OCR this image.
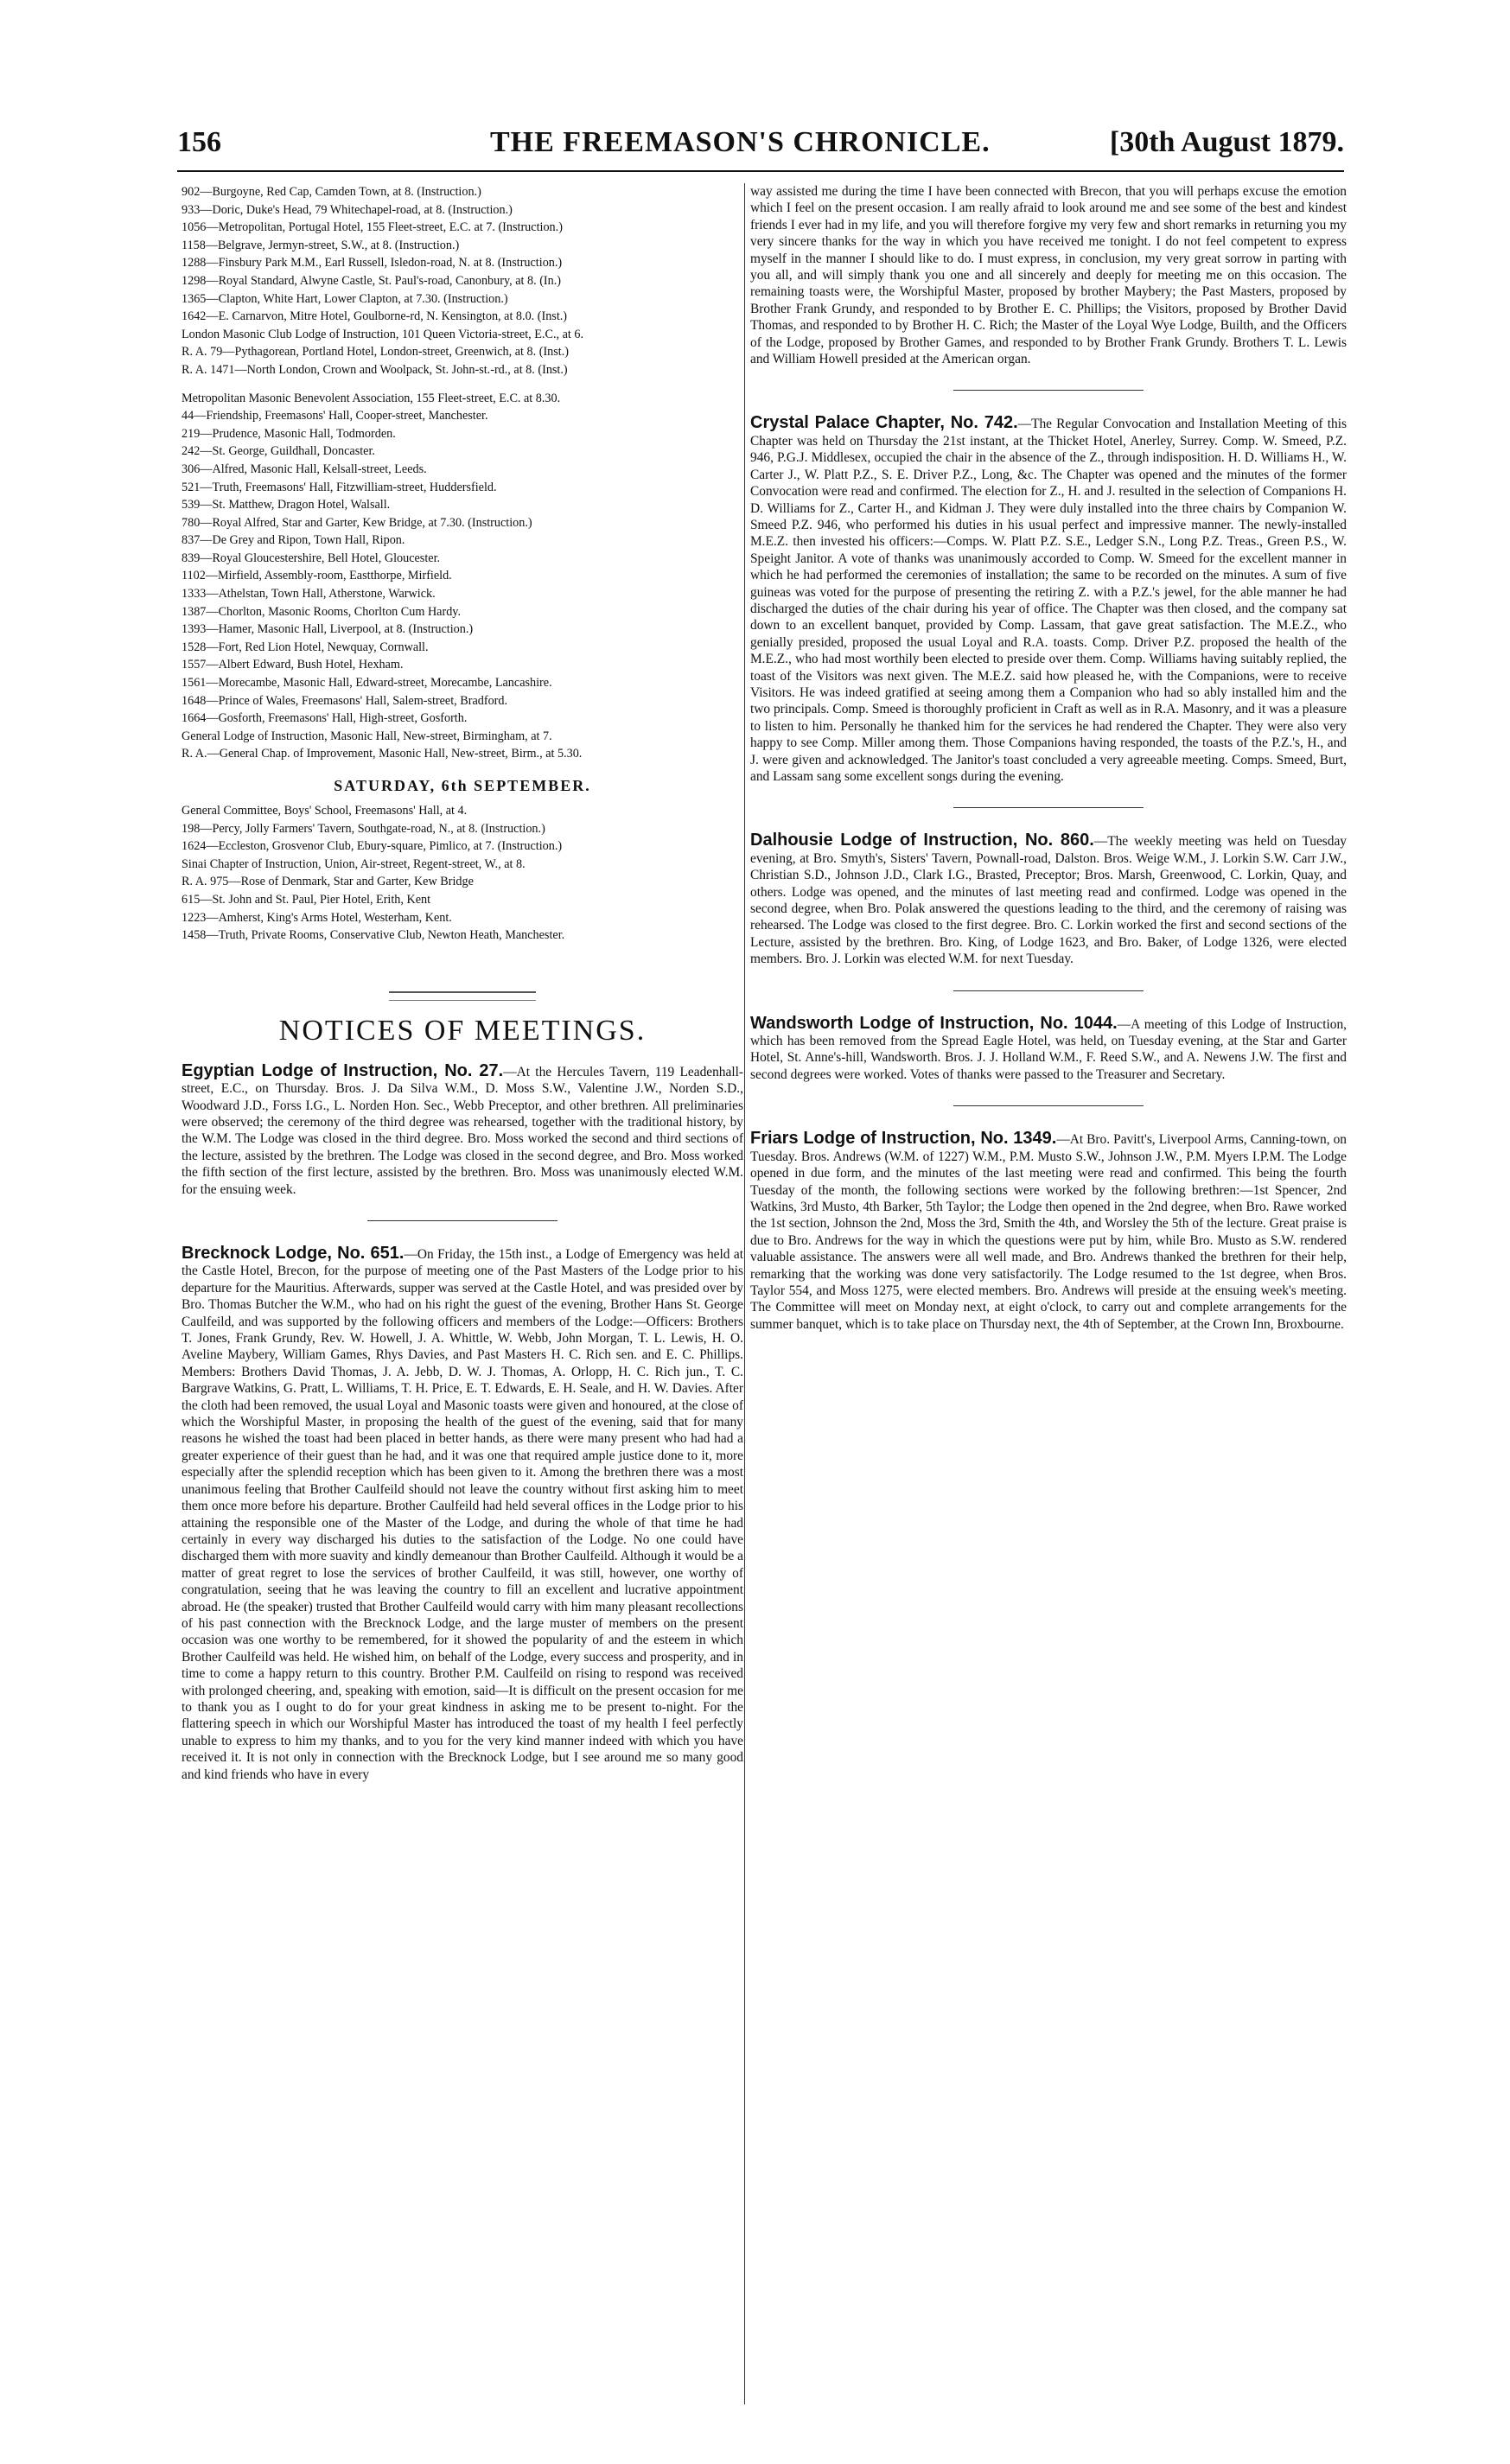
156	THE FREEMASON'S CHRONICLE.	[30th August 1879.
902—Burgoyne, Red Cap, Camden Town, at 8. (Instruction.)
933—Doric, Duke's Head, 79 Whitechapel-road, at 8. (Instruction.)
1056—Metropolitan, Portugal Hotel, 155 Fleet-street, E.C. at 7. (Instruction.)
1158—Belgrave, Jermyn-street, S.W., at 8. (Instruction.)
1288—Finsbury Park M.M., Earl Russell, Isledon-road, N. at 8. (Instruction.)
1298—Royal Standard, Alwyne Castle, St. Paul's-road, Canonbury, at 8. (In.)
1365—Clapton, White Hart, Lower Clapton, at 7.30. (Instruction.)
1642—E. Carnarvon, Mitre Hotel, Goulborne-rd, N. Kensington, at 8.0. (Inst.)
London Masonic Club Lodge of Instruction, 101 Queen Victoria-street, E.C., at 6.
R. A. 79—Pythagorean, Portland Hotel, London-street, Greenwich, at 8. (Inst.)
R. A. 1471—North London, Crown and Woolpack, St. John-st.-rd., at 8. (Inst.)
Metropolitan Masonic Benevolent Association, 155 Fleet-street, E.C. at 8.30.
44—Friendship, Freemasons' Hall, Cooper-street, Manchester.
219—Prudence, Masonic Hall, Todmorden.
242—St. George, Guildhall, Doncaster.
306—Alfred, Masonic Hall, Kelsall-street, Leeds.
521—Truth, Freemasons' Hall, Fitzwilliam-street, Huddersfield.
539—St. Matthew, Dragon Hotel, Walsall.
780—Royal Alfred, Star and Garter, Kew Bridge, at 7.30. (Instruction.)
837—De Grey and Ripon, Town Hall, Ripon.
839—Royal Gloucestershire, Bell Hotel, Gloucester.
1102—Mirfield, Assembly-room, Eastthorpe, Mirfield.
1333—Athelstan, Town Hall, Atherstone, Warwick.
1387—Chorlton, Masonic Rooms, Chorlton Cum Hardy.
1393—Hamer, Masonic Hall, Liverpool, at 8. (Instruction.)
1528—Fort, Red Lion Hotel, Newquay, Cornwall.
1557—Albert Edward, Bush Hotel, Hexham.
1561—Morecambe, Masonic Hall, Edward-street, Morecambe, Lancashire.
1648—Prince of Wales, Freemasons' Hall, Salem-street, Bradford.
1664—Gosforth, Freemasons' Hall, High-street, Gosforth.
General Lodge of Instruction, Masonic Hall, New-street, Birmingham, at 7.
R. A.—General Chap. of Improvement, Masonic Hall, New-street, Birm., at 5.30.
SATURDAY, 6th SEPTEMBER.
General Committee, Boys' School, Freemasons' Hall, at 4.
198—Percy, Jolly Farmers' Tavern, Southgate-road, N., at 8. (Instruction.)
1624—Eccleston, Grosvenor Club, Ebury-square, Pimlico, at 7. (Instruction.)
Sinai Chapter of Instruction, Union, Air-street, Regent-street, W., at 8.
R. A. 975—Rose of Denmark, Star and Garter, Kew Bridge
615—St. John and St. Paul, Pier Hotel, Erith, Kent
1223—Amherst, King's Arms Hotel, Westerham, Kent.
1458—Truth, Private Rooms, Conservative Club, Newton Heath, Manchester.
NOTICES OF MEETINGS.

Egyptian Lodge of Instruction, No. 27.—At the Hercules Tavern, 119 Leadenhall-street, E.C., on Thursday. Bros. J. Da Silva W.M., D. Moss S.W., Valentine J.W., Norden S.D., Woodward J.D., Forss I.G., L. Norden Hon. Sec., Webb Preceptor, and other brethren. All preliminaries were observed; the ceremony of the third degree was rehearsed, together with the traditional history, by the W.M. The Lodge was closed in the third degree. Bro. Moss worked the second and third sections of the lecture, assisted by the brethren. The Lodge was closed in the second degree, and Bro. Moss worked the fifth section of the first lecture, assisted by the brethren. Bro. Moss was unanimously elected W.M. for the ensuing week.

Brecknock Lodge, No. 651.—On Friday, the 15th inst., a Lodge of Emergency was held at the Castle Hotel, Brecon, for the purpose of meeting one of the Past Masters of the Lodge prior to his departure for the Mauritius. Afterwards, supper was served at the Castle Hotel, and was presided over by Bro. Thomas Butcher the W.M., who had on his right the guest of the evening, Brother Hans St. George Caulfeild, and was supported by the following officers and members of the Lodge:—Officers: Brothers T. Jones, Frank Grundy, Rev. W. Howell, J. A. Whittle, W. Webb, John Morgan, T. L. Lewis, H. O. Aveline Maybery, William Games, Rhys Davies, and Past Masters H. C. Rich sen. and E. C. Phillips. Members: Brothers David Thomas, J. A. Jebb, D. W. J. Thomas, A. Orlopp, H. C. Rich jun., T. C. Bargrave Watkins, G. Pratt, L. Williams, T. H. Price, E. T. Edwards, E. H. Seale, and H. W. Davies. After the cloth had been removed, the usual Loyal and Masonic toasts were given and honoured, at the close of which the Worshipful Master, in proposing the health of the guest of the evening, said that for many reasons he wished the toast had been placed in better hands, as there were many present who had had a greater experience of their guest than he had, and it was one that required ample justice done to it, more especially after the splendid reception which has been given to it. Among the brethren there was a most unanimous feeling that Brother Caulfeild should not leave the country without first asking him to meet them once more before his departure. Brother Caulfeild had held several offices in the Lodge prior to his attaining the responsible one of the Master of the Lodge, and during the whole of that time he had certainly in every way discharged his duties to the satisfaction of the Lodge. No one could have discharged them with more suavity and kindly demeanour than Brother Caulfeild. Although it would be a matter of great regret to lose the services of brother Caulfeild, it was still, however, one worthy of congratulation, seeing that he was leaving the country to fill an excellent and lucrative appointment abroad. He (the speaker) trusted that Brother Caulfeild would carry with him many pleasant recollections of his past connection with the Brecknock Lodge, and the large muster of members on the present occasion was one worthy to be remembered, for it showed the popularity of and the esteem in which Brother Caulfeild was held. He wished him, on behalf of the Lodge, every success and prosperity, and in time to come a happy return to this country. Brother P.M. Caulfeild on rising to respond was received with prolonged cheering, and, speaking with emotion, said—It is difficult on the present occasion for me to thank you as I ought to do for your great kindness in asking me to be present to-night. For the flattering speech in which our Worshipful Master has introduced the toast of my health I feel perfectly unable to express to him my thanks, and to you for the very kind manner indeed with which you have received it. It is not only in connection with the Brecknock Lodge, but I see around me so many good and kind friends who have in every

way assisted me during the time I have been connected with Brecon, that you will perhaps excuse the emotion which I feel on the present occasion. I am really afraid to look around me and see some of the best and kindest friends I ever had in my life, and you will therefore forgive my very few and short remarks in returning you my very sincere thanks for the way in which you have received me tonight. I do not feel competent to express myself in the manner I should like to do. I must express, in conclusion, my very great sorrow in parting with you all, and will simply thank you one and all sincerely and deeply for meeting me on this occasion. The remaining toasts were, the Worshipful Master, proposed by brother Maybery; the Past Masters, proposed by Brother Frank Grundy, and responded to by Brother E. C. Phillips; the Visitors, proposed by Brother David Thomas, and responded to by Brother H. C. Rich; the Master of the Loyal Wye Lodge, Builth, and the Officers of the Lodge, proposed by Brother Games, and responded to by Brother Frank Grundy. Brothers T. L. Lewis and William Howell presided at the American organ.

Crystal Palace Chapter, No. 742.—The Regular Convocation and Installation Meeting of this Chapter was held on Thursday the 21st instant, at the Thicket Hotel, Anerley, Surrey. Comp. W. Smeed, P.Z. 946, P.G.J. Middlesex, occupied the chair in the absence of the Z., through indisposition. H. D. Williams H., W. Carter J., W. Platt P.Z., S. E. Driver P.Z., Long, &c. The Chapter was opened and the minutes of the former Convocation were read and confirmed. The election for Z., H. and J. resulted in the selection of Companions H. D. Williams for Z., Carter H., and Kidman J. They were duly installed into the three chairs by Companion W. Smeed P.Z. 946, who performed his duties in his usual perfect and impressive manner. The newly-installed M.E.Z. then invested his officers:—Comps. W. Platt P.Z. S.E., Ledger S.N., Long P.Z. Treas., Green P.S., W. Speight Janitor. A vote of thanks was unanimously accorded to Comp. W. Smeed for the excellent manner in which he had performed the ceremonies of installation; the same to be recorded on the minutes. A sum of five guineas was voted for the purpose of presenting the retiring Z. with a P.Z.'s jewel, for the able manner he had discharged the duties of the chair during his year of office. The Chapter was then closed, and the company sat down to an excellent banquet, provided by Comp. Lassam, that gave great satisfaction. The M.E.Z., who genially presided, proposed the usual Loyal and R.A. toasts. Comp. Driver P.Z. proposed the health of the M.E.Z., who had most worthily been elected to preside over them. Comp. Williams having suitably replied, the toast of the Visitors was next given. The M.E.Z. said how pleased he, with the Companions, were to receive Visitors. He was indeed gratified at seeing among them a Companion who had so ably installed him and the two principals. Comp. Smeed is thoroughly proficient in Craft as well as in R.A. Masonry, and it was a pleasure to listen to him. Personally he thanked him for the services he had rendered the Chapter. They were also very happy to see Comp. Miller among them. Those Companions having responded, the toasts of the P.Z.'s, H., and J. were given and acknowledged. The Janitor's toast concluded a very agreeable meeting. Comps. Smeed, Burt, and Lassam sang some excellent songs during the evening.

Dalhousie Lodge of Instruction, No. 860.—The weekly meeting was held on Tuesday evening, at Bro. Smyth's, Sisters' Tavern, Pownall-road, Dalston. Bros. Weige W.M., J. Lorkin S.W. Carr J.W., Christian S.D., Johnson J.D., Clark I.G., Brasted, Preceptor; Bros. Marsh, Greenwood, C. Lorkin, Quay, and others. Lodge was opened, and the minutes of last meeting read and confirmed. Lodge was opened in the second degree, when Bro. Polak answered the questions leading to the third, and the ceremony of raising was rehearsed. The Lodge was closed to the first degree. Bro. C. Lorkin worked the first and second sections of the Lecture, assisted by the brethren. Bro. King, of Lodge 1623, and Bro. Baker, of Lodge 1326, were elected members. Bro. J. Lorkin was elected W.M. for next Tuesday.

Wandsworth Lodge of Instruction, No. 1044.—A meeting of this Lodge of Instruction, which has been removed from the Spread Eagle Hotel, was held, on Tuesday evening, at the Star and Garter Hotel, St. Anne's-hill, Wandsworth. Bros. J. J. Holland W.M., F. Reed S.W., and A. Newens J.W. The first and second degrees were worked. Votes of thanks were passed to the Treasurer and Secretary.

Friars Lodge of Instruction, No. 1349.—At Bro. Pavitt's, Liverpool Arms, Canning-town, on Tuesday. Bros. Andrews (W.M. of 1227) W.M., P.M. Musto S.W., Johnson J.W., P.M. Myers I.P.M. The Lodge opened in due form, and the minutes of the last meeting were read and confirmed. This being the fourth Tuesday of the month, the following sections were worked by the following brethren:—1st Spencer, 2nd Watkins, 3rd Musto, 4th Barker, 5th Taylor; the Lodge then opened in the 2nd degree, when Bro. Rawe worked the 1st section, Johnson the 2nd, Moss the 3rd, Smith the 4th, and Worsley the 5th of the lecture. Great praise is due to Bro. Andrews for the way in which the questions were put by him, while Bro. Musto as S.W. rendered valuable assistance. The answers were all well made, and Bro. Andrews thanked the brethren for their help, remarking that the working was done very satisfactorily. The Lodge resumed to the 1st degree, when Bros. Taylor 554, and Moss 1275, were elected members. Bro. Andrews will preside at the ensuing week's meeting. The Committee will meet on Monday next, at eight o'clock, to carry out and complete arrangements for the summer banquet, which is to take place on Thursday next, the 4th of September, at the Crown Inn, Broxbourne.
